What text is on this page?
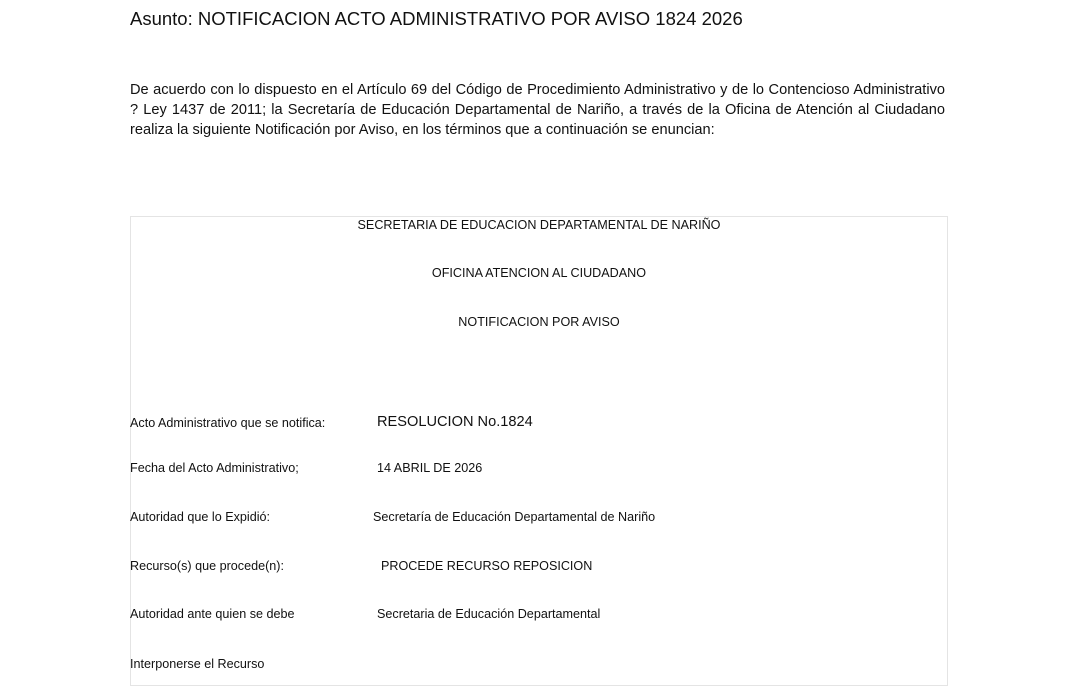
Asunto: NOTIFICACION ACTO ADMINISTRATIVO POR AVISO 1824 2026
De acuerdo con lo dispuesto en el Artículo 69 del Código de Procedimiento Administrativo y de lo Contencioso Administrativo ? Ley 1437 de 2011; la Secretaría de Educación Departamental de Nariño, a través de la Oficina de Atención al Ciudadano realiza la siguiente Notificación por Aviso, en los términos que a continuación se enuncian:
SECRETARIA DE EDUCACION DEPARTAMENTAL DE NARIÑO
OFICINA ATENCION AL CIUDADANO
NOTIFICACION POR AVISO
Acto Administrativo que se notifica:	RESOLUCION No.1824
Fecha del Acto Administrativo;	14 ABRIL DE 2026
Autoridad que lo Expidió:	Secretaría de Educación Departamental de Nariño
Recurso(s) que procede(n):	PROCEDE RECURSO REPOSICION
Autoridad ante quien se debe	Secretaria de Educación Departamental
Interponerse el Recurso
